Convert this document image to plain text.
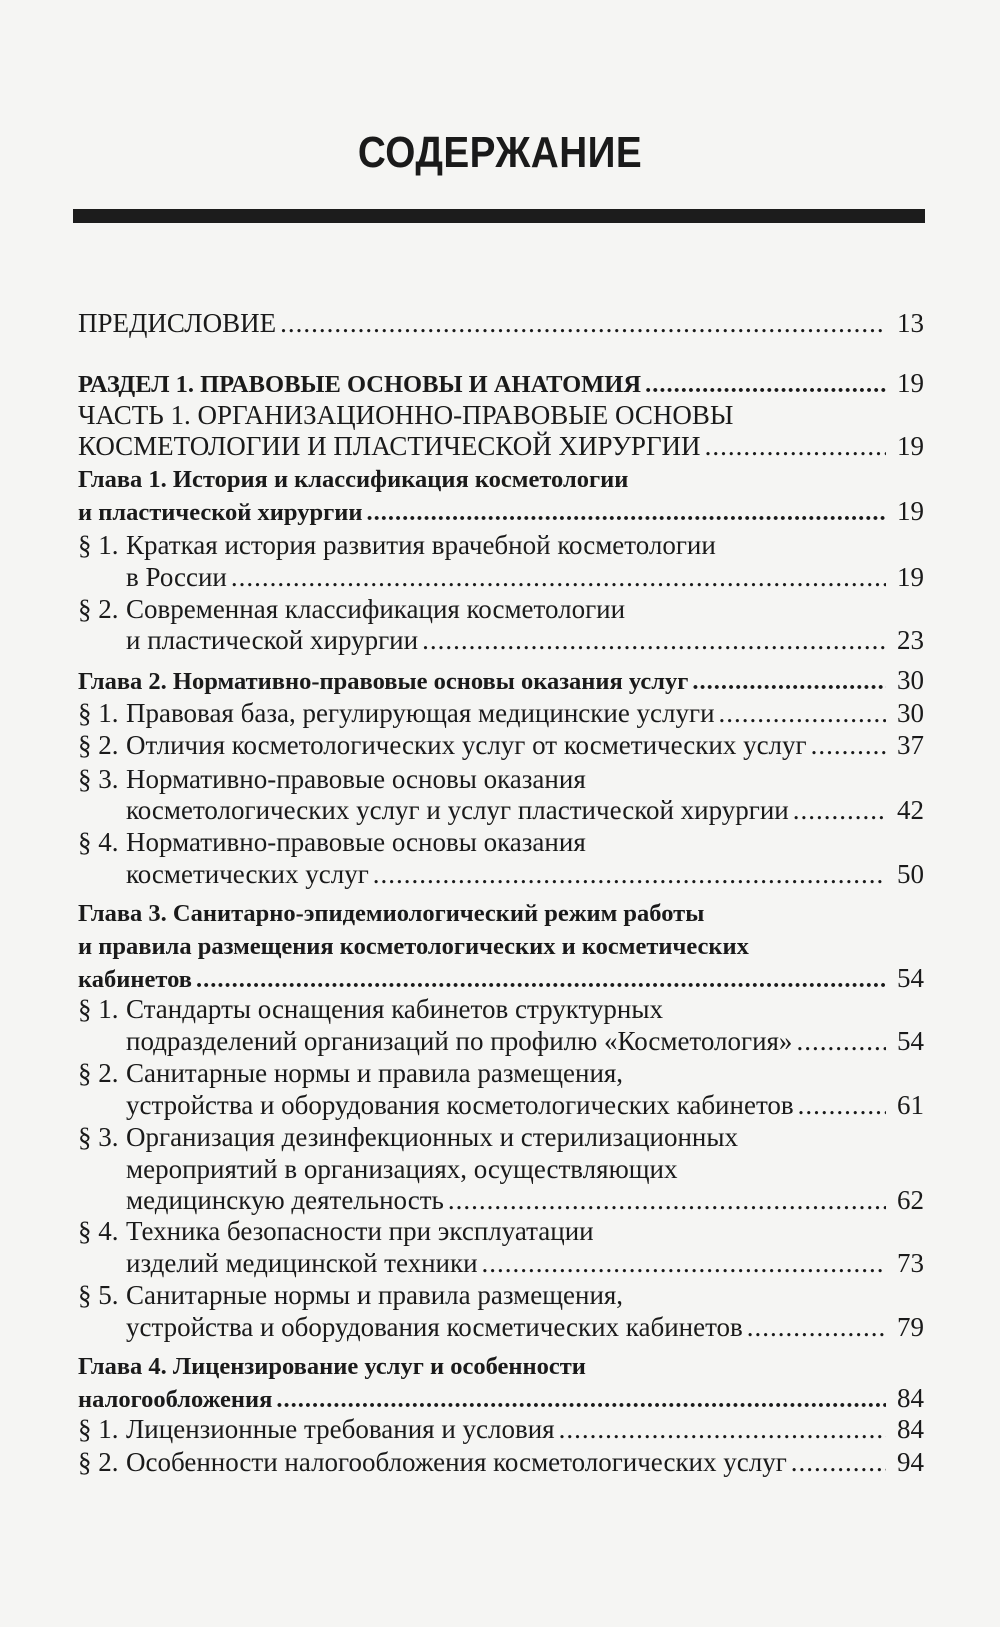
СОДЕРЖАНИЕ
ПРЕДИСЛОВИЕ .....	13
РАЗДЕЛ 1. ПРАВОВЫЕ ОСНОВЫ И АНАТОМИЯ .....	19
ЧАСТЬ 1. ОРГАНИЗАЦИОННО-ПРАВОВЫЕ ОСНОВЫ
КОСМЕТОЛОГИИ И ПЛАСТИЧЕСКОЙ ХИРУРГИИ .....	19
Глава 1. История и классификация косметологии
и пластической хирургии .....	19
§ 1. Краткая история развития врачебной косметологии
в России .....	19
§ 2. Современная классификация косметологии
и пластической хирургии .....	23
Глава 2. Нормативно-правовые основы оказания услуг .....	30
§ 1. Правовая база, регулирующая медицинские услуги .....	30
§ 2. Отличия косметологических услуг от косметических услуг .....	37
§ 3. Нормативно-правовые основы оказания
косметологических услуг и услуг пластической хирургии .....	42
§ 4. Нормативно-правовые основы оказания
косметических услуг .....	50
Глава 3. Санитарно-эпидемиологический режим работы
и правила размещения косметологических и косметических
кабинетов .....	54
§ 1. Стандарты оснащения кабинетов структурных
подразделений организаций по профилю «Косметология» .....	54
§ 2. Санитарные нормы и правила размещения,
устройства и оборудования косметологических кабинетов .....	61
§ 3. Организация дезинфекционных и стерилизационных
мероприятий в организациях, осуществляющих
медицинскую деятельность .....	62
§ 4. Техника безопасности при эксплуатации
изделий медицинской техники .....	73
§ 5. Санитарные нормы и правила размещения,
устройства и оборудования косметических кабинетов .....	79
Глава 4. Лицензирование услуг и особенности
налогообложения .....	84
§ 1. Лицензионные требования и условия .....	84
§ 2. Особенности налогообложения косметологических услуг .....	94
